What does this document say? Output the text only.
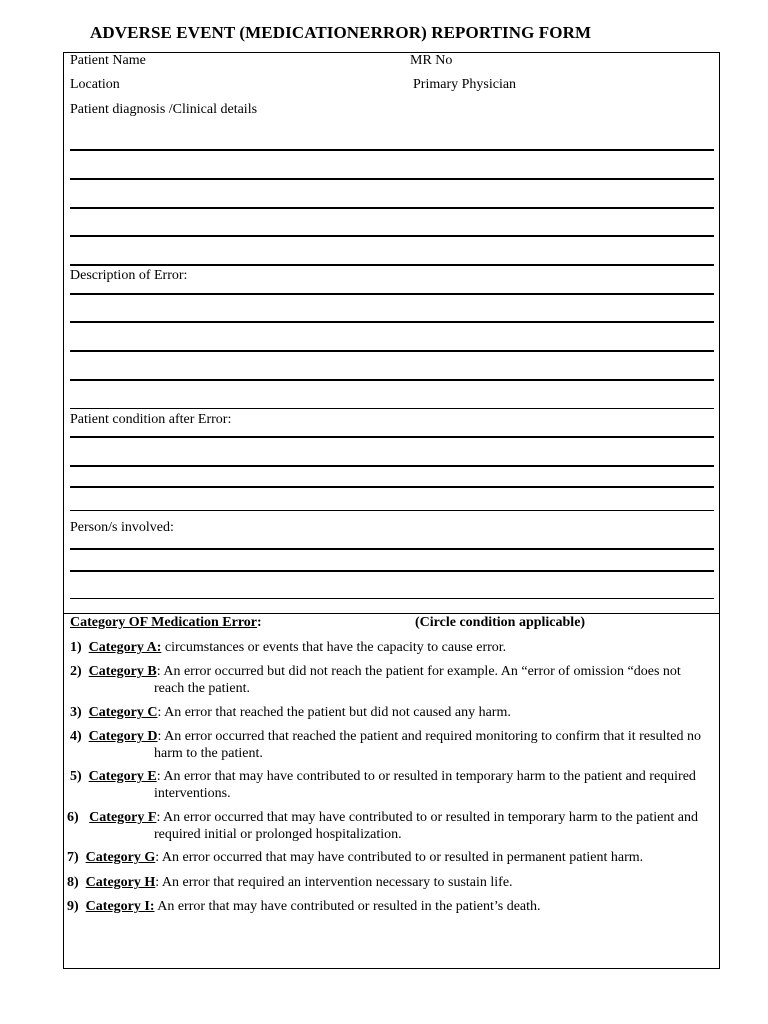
ADVERSE EVENT (MEDICATIONERROR) REPORTING FORM
Patient Name	MR No
Location	Primary Physician
Patient diagnosis /Clinical details
Description of Error:
Patient condition after Error:
Person/s involved:
Category OF Medication Error:	(Circle condition applicable)
1) Category A: circumstances or events that have the capacity to cause error.
2) Category B: An error occurred but did not reach the patient for example. An “error of omission “does not
reach the patient.
3) Category C: An error that reached the patient but did not caused any harm.
4) Category D: An error occurred that reached the patient and required monitoring to confirm that it resulted no
harm to the patient.
5) Category E: An error that may have contributed to or resulted in temporary harm to the patient and required
interventions.
6) Category F: An error occurred that may have contributed to or resulted in temporary harm to the patient and
required initial or prolonged hospitalization.
7) Category G: An error occurred that may have contributed to or resulted in permanent patient harm.
8) Category H: An error that required an intervention necessary to sustain life.
9) Category I: An error that may have contributed or resulted in the patient’s death.
